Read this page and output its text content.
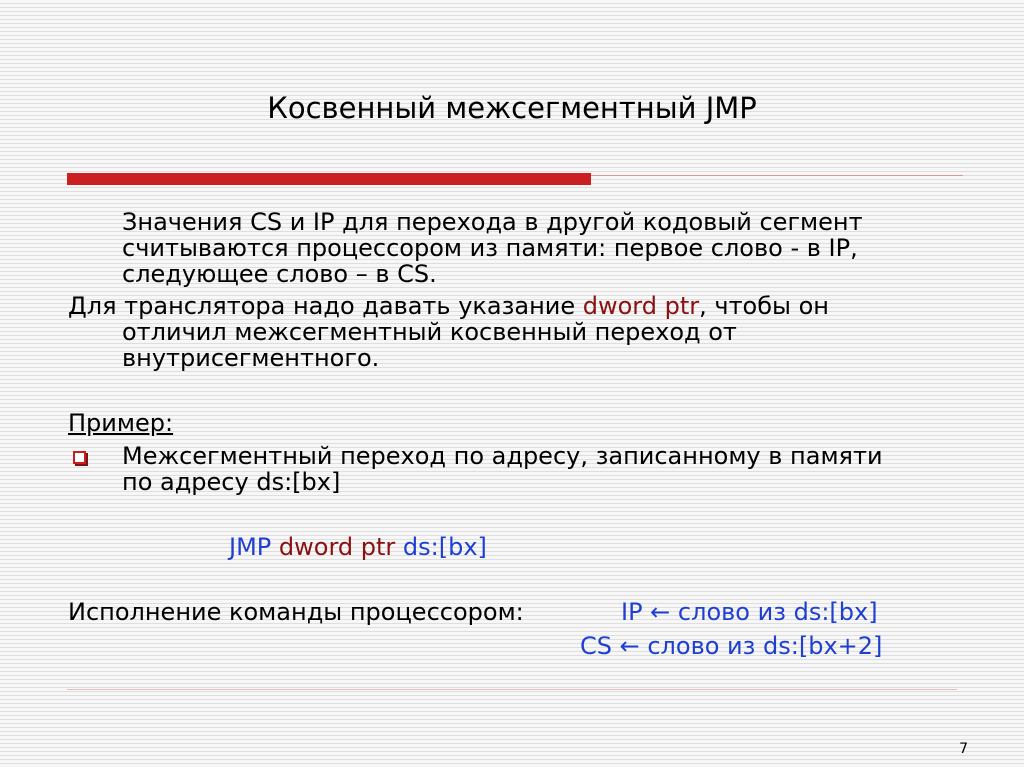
Косвенный межсегментный JMP
Значения CS и IP для перехода в другой кодовый сегмент
считываются процессором из памяти: первое слово - в IP,
следующее слово – в CS.
Для транслятора надо давать указание dword ptr, чтобы он
отличил межсегментный косвенный переход от
внутрисегментного.
Пример:
Межсегментный переход по адресу, записанному в памяти
по адресу ds:[bx]
JMP dword ptr ds:[bx]
Исполнение команды процессором:	IP ← слово из ds:[bx]
CS ← слово из ds:[bx+2]
7
